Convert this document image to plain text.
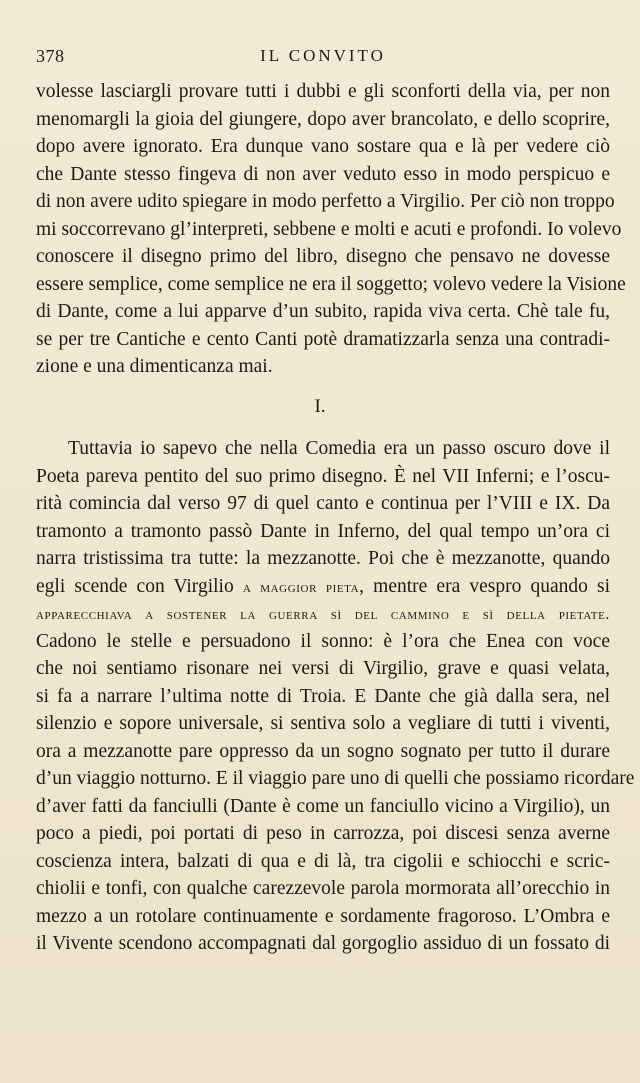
378	IL CONVITO
volesse lasciargli provare tutti i dubbi e gli sconforti della via, per non
menomargli la gioia del giungere, dopo aver brancolato, e dello scoprire,
dopo avere ignorato. Era dunque vano sostare qua e là per vedere ciò
che Dante stesso fingeva di non aver veduto esso in modo perspicuo e
di non avere udito spiegare in modo perfetto a Virgilio. Per ciò non troppo
mi soccorrevano gl’interpreti, sebbene e molti e acuti e profondi. Io volevo
conoscere il disegno primo del libro, disegno che pensavo ne dovesse
essere semplice, come semplice ne era il soggetto; volevo vedere la Visione
di Dante, come a lui apparve d’un subito, rapida viva certa. Chè tale fu,
se per tre Cantiche e cento Canti potè dramatizzarla senza una contradi-
zione e una dimenticanza mai.
I.
Tuttavia io sapevo che nella Comedia era un passo oscuro dove il
Poeta pareva pentito del suo primo disegno. È nel VII Inferni; e l’oscu-
rità comincia dal verso 97 di quel canto e continua per l’VIII e IX. Da
tramonto a tramonto passò Dante in Inferno, del qual tempo un’ora ci
narra tristissima tra tutte: la mezzanotte. Poi che è mezzanotte, quando
egli scende con Virgilio a maggior pieta, mentre era vespro quando si
apparecchiava a sostener la guerra sì del cammino e sì della pietate.
Cadono le stelle e persuadono il sonno: è l’ora che Enea con voce
che noi sentiamo risonare nei versi di Virgilio, grave e quasi velata,
si fa a narrare l’ultima notte di Troia. E Dante che già dalla sera, nel
silenzio e sopore universale, si sentiva solo a vegliare di tutti i viventi,
ora a mezzanotte pare oppresso da un sogno sognato per tutto il durare
d’un viaggio notturno. E il viaggio pare uno di quelli che possiamo ricordare
d’aver fatti da fanciulli (Dante è come un fanciullo vicino a Virgilio), un
poco a piedi, poi portati di peso in carrozza, poi discesi senza averne
coscienza intera, balzati di qua e di là, tra cigolii e schiocchi e scric-
chiolii e tonfi, con qualche carezzevole parola mormorata all’orecchio in
mezzo a un rotolare continuamente e sordamente fragoroso. L’Ombra e
il Vivente scendono accompagnati dal gorgoglio assiduo di un fossato di
